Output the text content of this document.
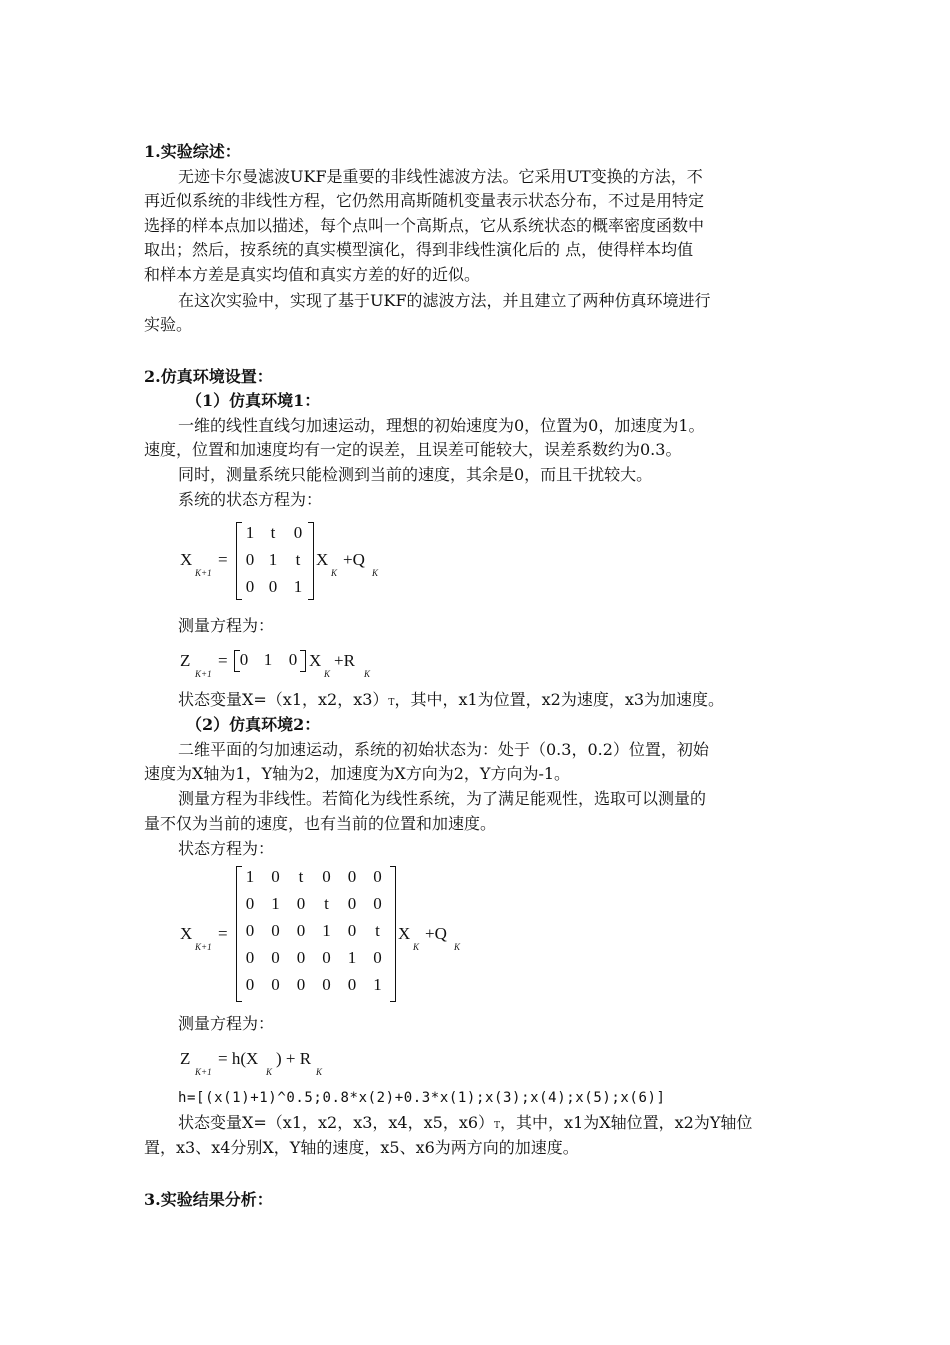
1.实验综述：
无迹卡尔曼滤波UKF是重要的非线性滤波方法。它采用UT变换的方法，不
再近似系统的非线性方程，它仍然用高斯随机变量表示状态分布，不过是用特定
选择的样本点加以描述，每个点叫一个高斯点，它从系统状态的概率密度函数中
取出；然后，按系统的真实模型演化，得到非线性演化后的 点，使得样本均值
和样本方差是真实均值和真实方差的好的近似。
在这次实验中，实现了基于UKF的滤波方法，并且建立了两种仿真环境进行
实验。
2.仿真环境设置：
（1）仿真环境1：
一维的线性直线匀加速运动，理想的初始速度为0，位置为0，加速度为1。
速度，位置和加速度均有一定的误差，且误差可能较大，误差系数约为0.3。
同时，测量系统只能检测到当前的速度，其余是0，而且干扰较大。
系统的状态方程为：
X
K+1
=
1 t	0
0 1	t
0 0 1
X
K
+Q
K
测量方程为：
Z
K+1
= 0 1 0 X
K
+R
K
状态变量X=（x1，x2，x3）T，其中，x1为位置，x2为速度，x3为加速度。
（2）仿真环境2：
二维平面的匀加速运动，系统的初始状态为：处于（0.3，0.2）位置，初始
速度为X轴为1，Y轴为2，加速度为X方向为2，Y方向为-1。
测量方程为非线性。若简化为线性系统，为了满足能观性，选取可以测量的
量不仅为当前的速度，也有当前的位置和加速度。
状态方程为：
X
K+1
=
1	0	t	0	0	0
0	1	0	t	0	0
0	0	0	1	0	t
0	0	0	0	1	0
0	0	0	0	0	1
X
K
+Q
K
测量方程为：
Z
K+1
= h(X
K
) + R
K
h=[(x(1)+1)^0.5;0.8*x(2)+0.3*x(1);x(3);x(4);x(5);x(6)]
状态变量X=（x1，x2，x3，x4，x5，x6）T，其中，x1为X轴位置，x2为Y轴位
置，x3、x4分别X，Y轴的速度，x5、x6为两方向的加速度。
3.实验结果分析：
